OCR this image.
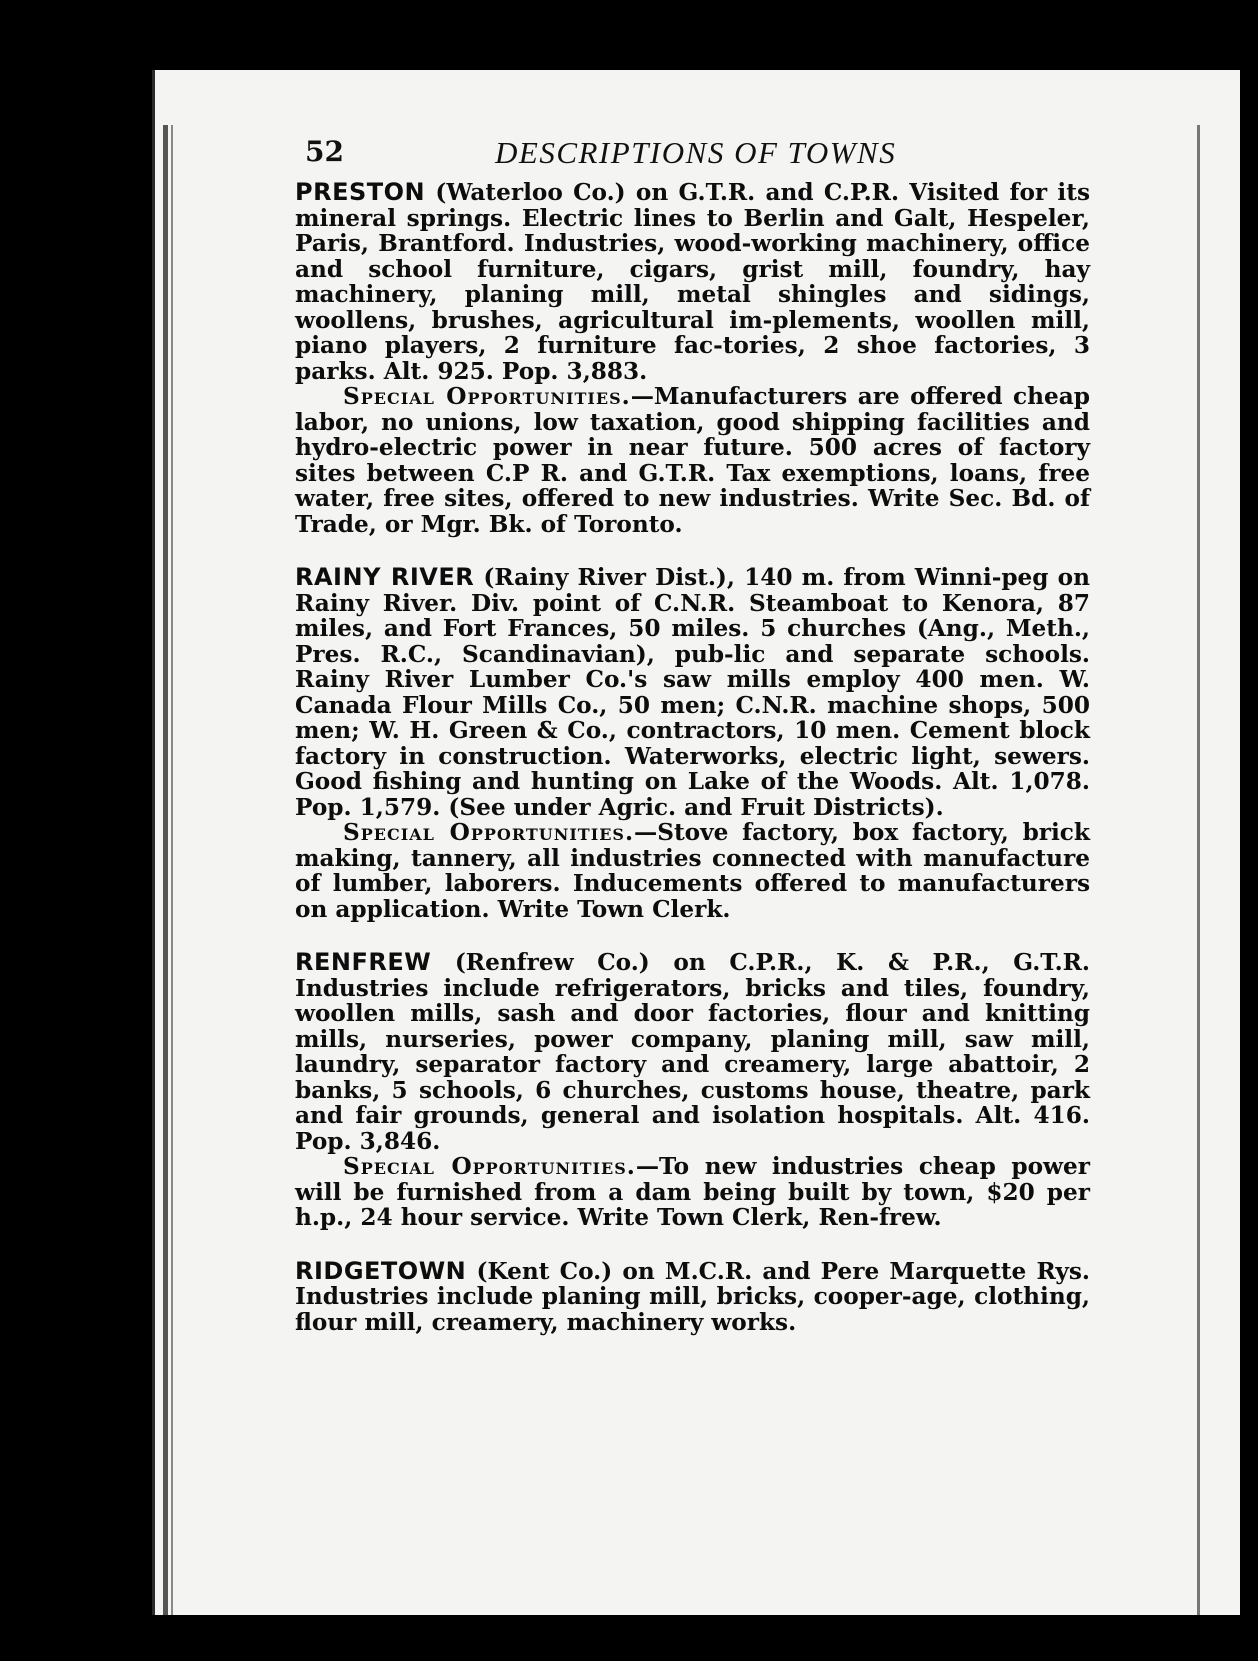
52	DESCRIPTIONS OF TOWNS

PRESTON (Waterloo Co.) on G.T.R. and C.P.R. Visited for its mineral springs. Electric lines to Berlin and Galt, Hespeler, Paris, Brantford. Industries, wood-working machinery, office and school furniture, cigars, grist mill, foundry, hay machinery, planing mill, metal shingles and sidings, woollens, brushes, agricultural im-plements, woollen mill, piano players, 2 furniture fac-tories, 2 shoe factories, 3 parks. Alt. 925. Pop. 3,883.

Special Opportunities.—Manufacturers are offered cheap labor, no unions, low taxation, good shipping facilities and hydro-electric power in near future. 500 acres of factory sites between C.P R. and G.T.R. Tax exemptions, loans, free water, free sites, offered to new industries. Write Sec. Bd. of Trade, or Mgr. Bk. of Toronto.

RAINY RIVER (Rainy River Dist.), 140 m. from Winni-peg on Rainy River. Div. point of C.N.R. Steamboat to Kenora, 87 miles, and Fort Frances, 50 miles. 5 churches (Ang., Meth., Pres. R.C., Scandinavian), pub-lic and separate schools. Rainy River Lumber Co.'s saw mills employ 400 men. W. Canada Flour Mills Co., 50 men; C.N.R. machine shops, 500 men; W. H. Green & Co., contractors, 10 men. Cement block factory in construction. Waterworks, electric light, sewers. Good fishing and hunting on Lake of the Woods. Alt. 1,078. Pop. 1,579. (See under Agric. and Fruit Districts).

Special Opportunities.—Stove factory, box factory, brick making, tannery, all industries connected with manufacture of lumber, laborers. Inducements offered to manufacturers on application. Write Town Clerk.

RENFREW (Renfrew Co.) on C.P.R., K. & P.R., G.T.R. Industries include refrigerators, bricks and tiles, foundry, woollen mills, sash and door factories, flour and knitting mills, nurseries, power company, planing mill, saw mill, laundry, separator factory and creamery, large abattoir, 2 banks, 5 schools, 6 churches, customs house, theatre, park and fair grounds, general and isolation hospitals. Alt. 416. Pop. 3,846.

Special Opportunities.—To new industries cheap power will be furnished from a dam being built by town, $20 per h.p., 24 hour service. Write Town Clerk, Ren-frew.

RIDGETOWN (Kent Co.) on M.C.R. and Pere Marquette Rys. Industries include planing mill, bricks, cooper-age, clothing, flour mill, creamery, machinery works.
